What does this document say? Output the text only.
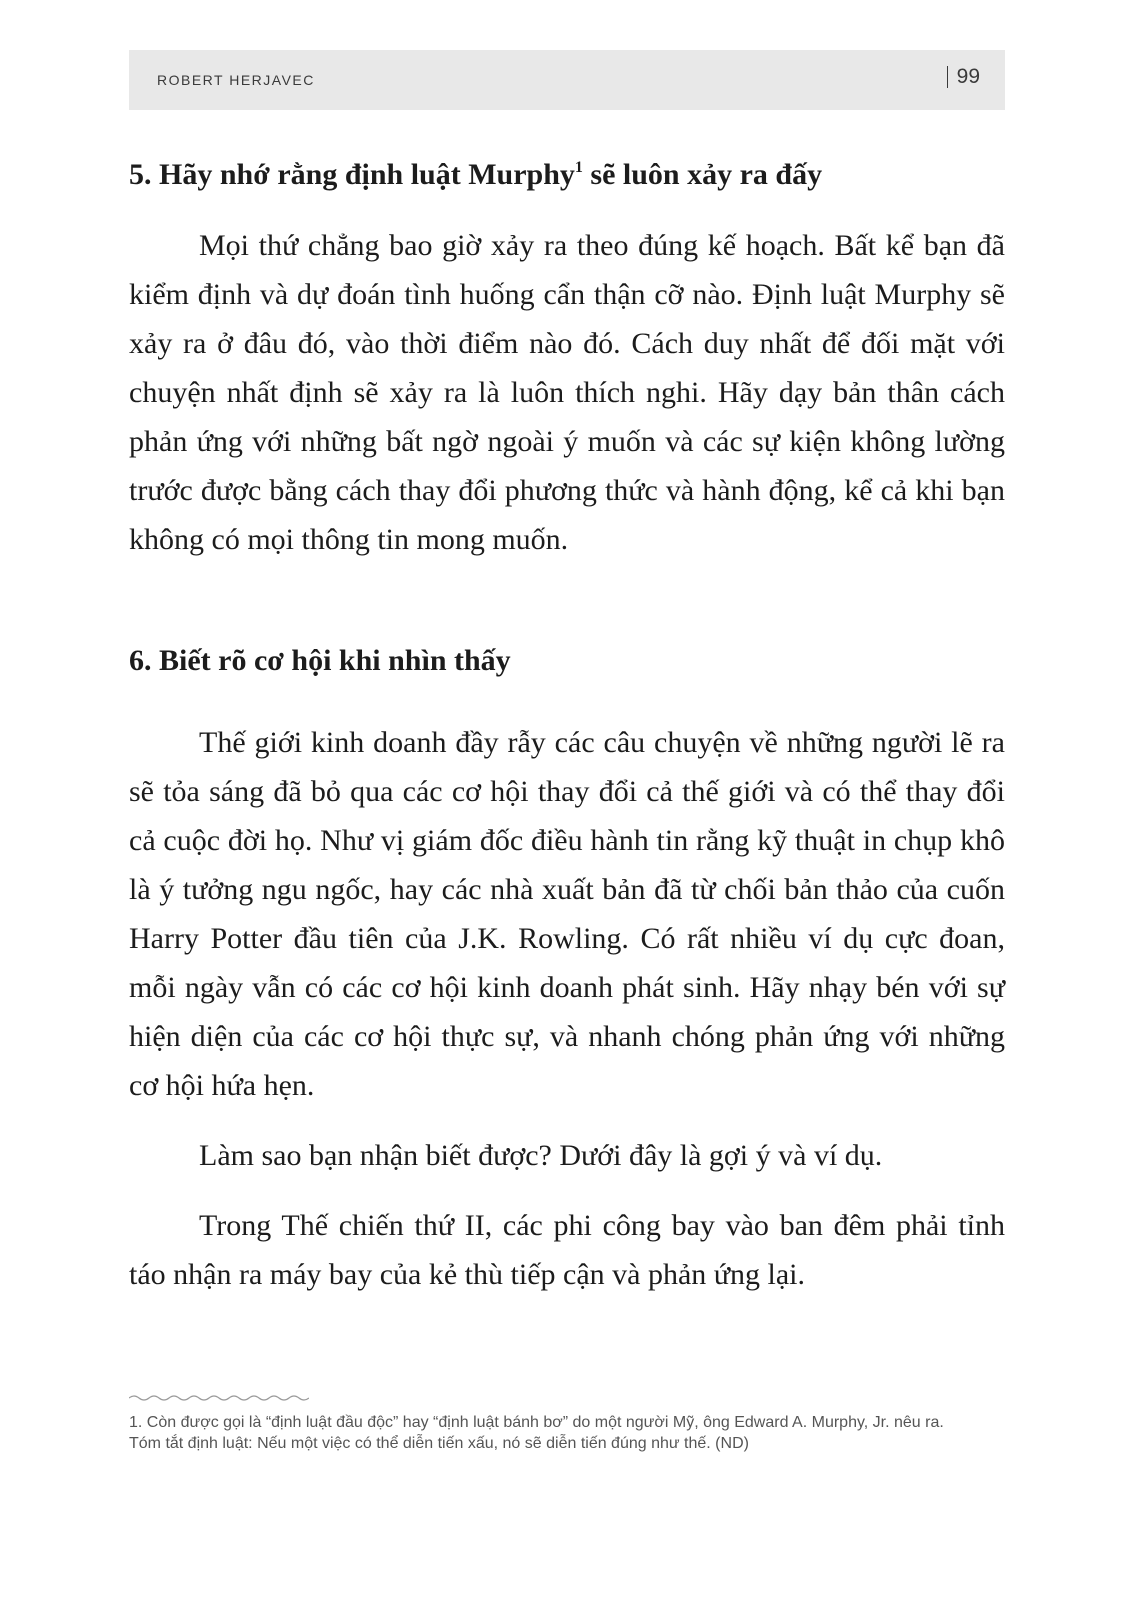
ROBERT HERJAVEC	99
5. Hãy nhớ rằng định luật Murphy$^1$ sẽ luôn xảy ra đấy

Mọi thứ chẳng bao giờ xảy ra theo đúng kế hoạch. Bất kể bạn đã kiểm định và dự đoán tình huống cẩn thận cỡ nào. Định luật Murphy sẽ xảy ra ở đâu đó, vào thời điểm nào đó. Cách duy nhất để đối mặt với chuyện nhất định sẽ xảy ra là luôn thích nghi. Hãy dạy bản thân cách phản ứng với những bất ngờ ngoài ý muốn và các sự kiện không lường trước được bằng cách thay đổi phương thức và hành động, kể cả khi bạn không có mọi thông tin mong muốn.

6. Biết rõ cơ hội khi nhìn thấy

Thế giới kinh doanh đầy rẫy các câu chuyện về những người lẽ ra sẽ tỏa sáng đã bỏ qua các cơ hội thay đổi cả thế giới và có thể thay đổi cả cuộc đời họ. Như vị giám đốc điều hành tin rằng kỹ thuật in chụp khô là ý tưởng ngu ngốc, hay các nhà xuất bản đã từ chối bản thảo của cuốn Harry Potter đầu tiên của J.K. Rowling. Có rất nhiều ví dụ cực đoan, mỗi ngày vẫn có các cơ hội kinh doanh phát sinh. Hãy nhạy bén với sự hiện diện của các cơ hội thực sự, và nhanh chóng phản ứng với những cơ hội hứa hẹn.

Làm sao bạn nhận biết được? Dưới đây là gợi ý và ví dụ.

Trong Thế chiến thứ II, các phi công bay vào ban đêm phải tỉnh táo nhận ra máy bay của kẻ thù tiếp cận và phản ứng lại.

1. Còn được gọi là “định luật đầu độc” hay “định luật bánh bơ” do một người Mỹ, ông Edward A. Murphy, Jr. nêu ra.
Tóm tắt định luật: Nếu một việc có thể diễn tiến xấu, nó sẽ diễn tiến đúng như thế. (ND)
